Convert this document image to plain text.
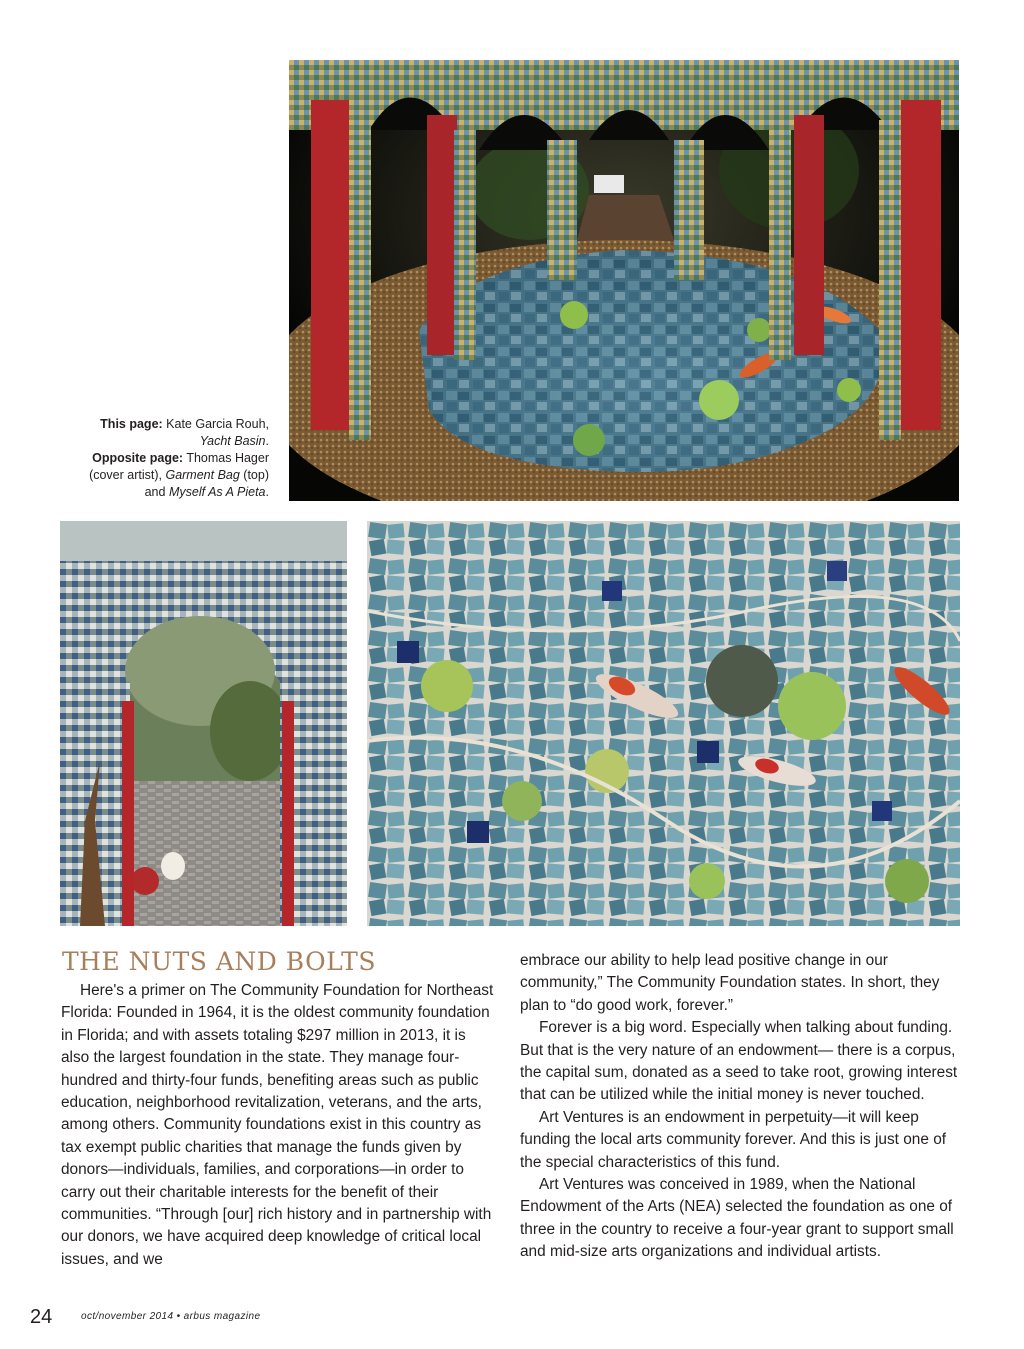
This page: Kate Garcia Rouh,
Yacht Basin.
Opposite page: Thomas Hager
(cover artist), Garment Bag (top)
and Myself As A Pieta.
THE NUTS AND BOLTS

Here's a primer on The Community Foundation for Northeast Florida: Founded in 1964, it is the oldest community foundation in Florida; and with assets totaling $297 million in 2013, it is also the largest foundation in the state. They manage four-hundred and thirty-four funds, benefiting areas such as public education, neighborhood revitalization, veterans, and the arts, among others. Community foundations exist in this country as tax exempt public charities that manage the funds given by donors—individuals, families, and corporations—in order to carry out their charitable interests for the benefit of their communities. “Through [our] rich history and in partnership with our donors, we have acquired deep knowledge of critical local issues, and we

embrace our ability to help lead positive change in our community,” The Community Foundation states. In short, they plan to “do good work, forever.”

Forever is a big word. Especially when talking about funding. But that is the very nature of an endowment— there is a corpus, the capital sum, donated as a seed to take root, growing interest that can be utilized while the initial money is never touched.

Art Ventures is an endowment in perpetuity—it will keep funding the local arts community forever. And this is just one of the special characteristics of this fund.

Art Ventures was conceived in 1989, when the National Endowment of the Arts (NEA) selected the foundation as one of three in the country to receive a four-year grant to support small and mid-size arts organizations and individual artists.

24	oct/november 2014 • arbus magazine
